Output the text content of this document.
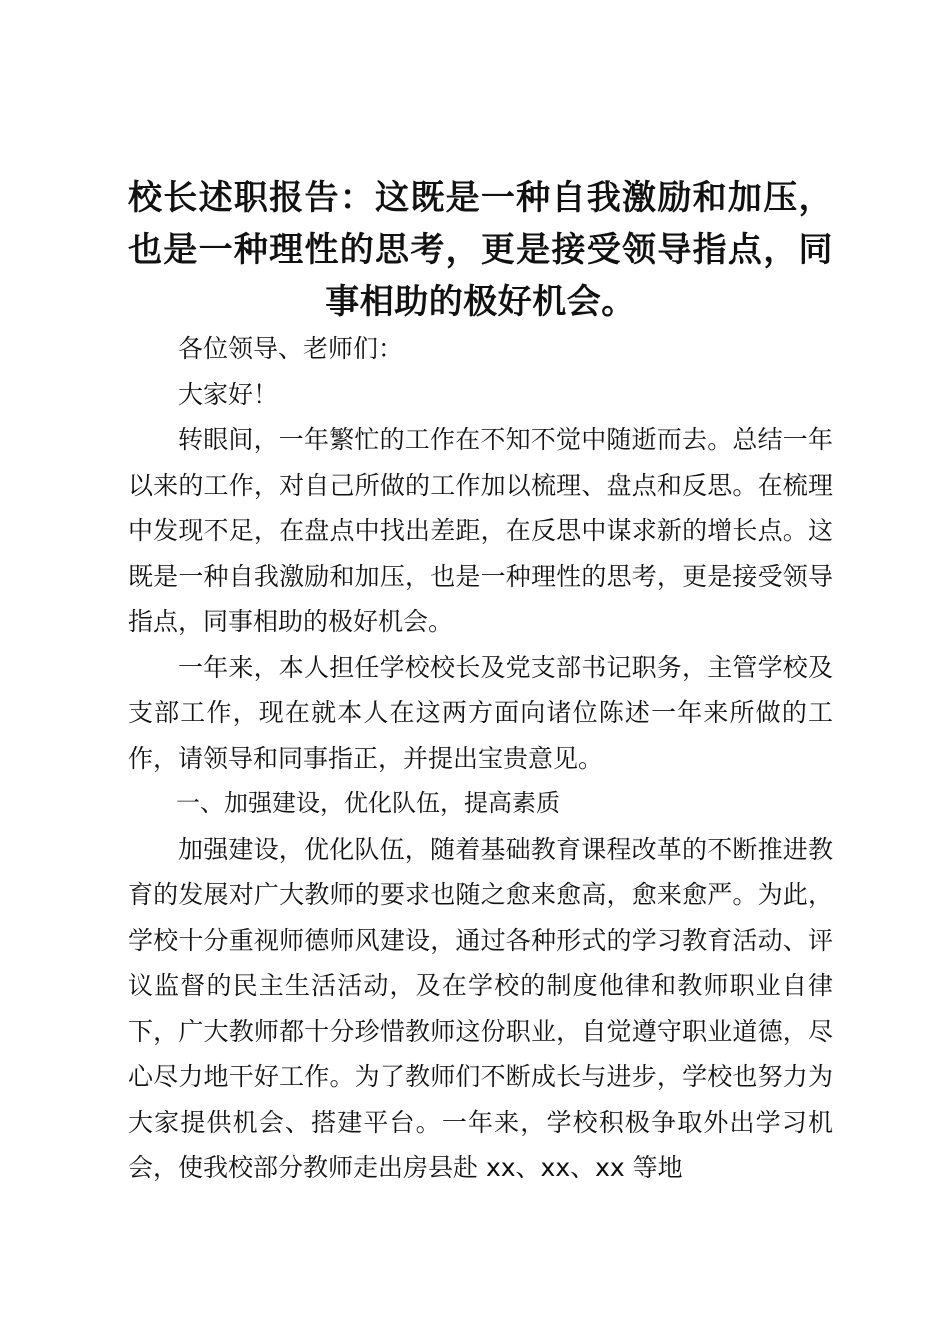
校长述职报告：这既是一种自我激励和加压，也是一种理性的思考，更是接受领导指点，同事相助的极好机会。

各位领导、老师们：

大家好！

转眼间，一年繁忙的工作在不知不觉中随逝而去。总结一年以来的工作，对自己所做的工作加以梳理、盘点和反思。在梳理中发现不足，在盘点中找出差距，在反思中谋求新的增长点。这既是一种自我激励和加压，也是一种理性的思考，更是接受领导指点，同事相助的极好机会。

一年来，本人担任学校校长及党支部书记职务，主管学校及支部工作，现在就本人在这两方面向诸位陈述一年来所做的工作，请领导和同事指正，并提出宝贵意见。

一、加强建设，优化队伍，提高素质

加强建设，优化队伍，随着基础教育课程改革的不断推进教育的发展对广大教师的要求也随之愈来愈高，愈来愈严。为此，学校十分重视师德师风建设，通过各种形式的学习教育活动、评议监督的民主生活活动，及在学校的制度他律和教师职业自律下，广大教师都十分珍惜教师这份职业，自觉遵守职业道德，尽心尽力地干好工作。为了教师们不断成长与进步，学校也努力为大家提供机会、搭建平台。一年来，学校积极争取外出学习机会，使我校部分教师走出房县赴 xx、xx、xx 等地
